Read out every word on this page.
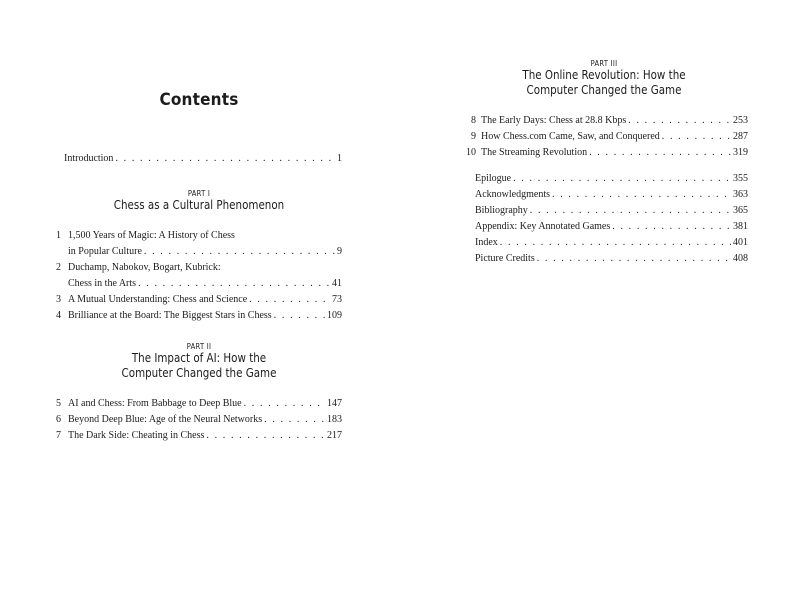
Contents
Introduction . . .	1
PART I
Chess as a Cultural Phenomenon
1 1,500 Years of Magic: A History of Chess
in Popular Culture . . .	9
2 Duchamp, Nabokov, Bogart, Kubrick:
Chess in the Arts . . .	41
3 A Mutual Understanding: Chess and Science . . .	73
4 Brilliance at the Board: The Biggest Stars in Chess . . .	109
PART II
The Impact of AI: How the
Computer Changed the Game
5 AI and Chess: From Babbage to Deep Blue . . .	147
6 Beyond Deep Blue: Age of the Neural Networks . . .	183
7 The Dark Side: Cheating in Chess . . .	217
PART III
The Online Revolution: How the
Computer Changed the Game
8 The Early Days: Chess at 28.8 Kbps . . .	253
9 How Chess.com Came, Saw, and Conquered . . .	287
10 The Streaming Revolution . . .	319
Epilogue . . .	355
Acknowledgments . . .	363
Bibliography . . .	365
Appendix: Key Annotated Games . . .	381
Index . . .	401
Picture Credits . . .	408
